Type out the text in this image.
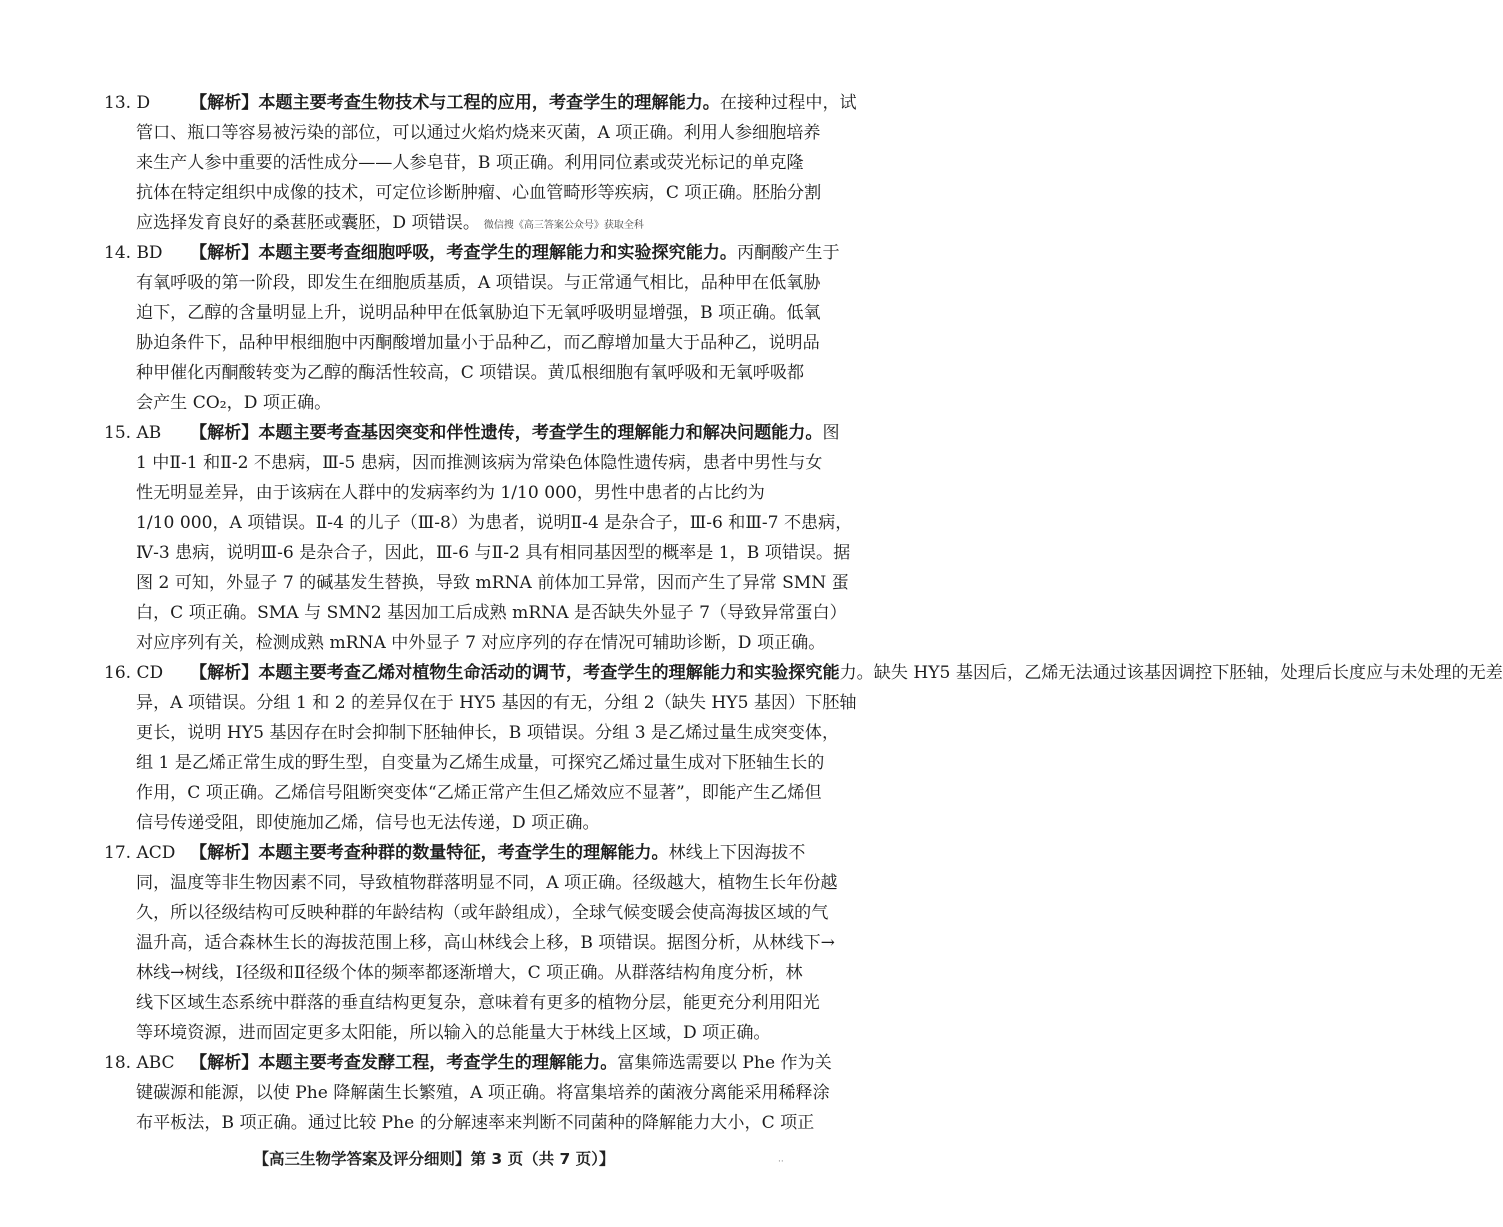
13. D 【解析】本题主要考查生物技术与工程的应用，考查学生的理解能力。在接种过程中，试
管口、瓶口等容易被污染的部位，可以通过火焰灼烧来灭菌，A 项正确。利用人参细胞培养
来生产人参中重要的活性成分——人参皂苷，B 项正确。利用同位素或荧光标记的单克隆
抗体在特定组织中成像的技术，可定位诊断肿瘤、心血管畸形等疾病，C 项正确。胚胎分割
应选择发育良好的桑葚胚或囊胚，D 项错误。 微信搜《高三答案公众号》获取全科
14. BD 【解析】本题主要考查细胞呼吸，考查学生的理解能力和实验探究能力。丙酮酸产生于
有氧呼吸的第一阶段，即发生在细胞质基质，A 项错误。与正常通气相比，品种甲在低氧胁
迫下，乙醇的含量明显上升，说明品种甲在低氧胁迫下无氧呼吸明显增强，B 项正确。低氧
胁迫条件下，品种甲根细胞中丙酮酸增加量小于品种乙，而乙醇增加量大于品种乙，说明品
种甲催化丙酮酸转变为乙醇的酶活性较高，C 项错误。黄瓜根细胞有氧呼吸和无氧呼吸都
会产生 CO₂，D 项正确。
15. AB 【解析】本题主要考查基因突变和伴性遗传，考查学生的理解能力和解决问题能力。图
1 中Ⅱ-1 和Ⅱ-2 不患病，Ⅲ-5 患病，因而推测该病为常染色体隐性遗传病，患者中男性与女
性无明显差异，由于该病在人群中的发病率约为 1/10 000，男性中患者的占比约为
1/10 000，A 项错误。Ⅱ-4 的儿子（Ⅲ-8）为患者，说明Ⅱ-4 是杂合子，Ⅲ-6 和Ⅲ-7 不患病，
Ⅳ-3 患病，说明Ⅲ-6 是杂合子，因此，Ⅲ-6 与Ⅱ-2 具有相同基因型的概率是 1，B 项错误。据
图 2 可知，外显子 7 的碱基发生替换，导致 mRNA 前体加工异常，因而产生了异常 SMN 蛋
白，C 项正确。SMA 与 SMN2 基因加工后成熟 mRNA 是否缺失外显子 7（导致异常蛋白）
对应序列有关，检测成熟 mRNA 中外显子 7 对应序列的存在情况可辅助诊断，D 项正确。
16. CD 【解析】本题主要考查乙烯对植物生命活动的调节，考查学生的理解能力和实验探究能力。缺失 HY5 基因后，乙烯无法通过该基因调控下胚轴，处理后长度应与未处理的无差
异，A 项错误。分组 1 和 2 的差异仅在于 HY5 基因的有无，分组 2（缺失 HY5 基因）下胚轴
更长，说明 HY5 基因存在时会抑制下胚轴伸长，B 项错误。分组 3 是乙烯过量生成突变体，
组 1 是乙烯正常生成的野生型，自变量为乙烯生成量，可探究乙烯过量生成对下胚轴生长的
作用，C 项正确。乙烯信号阻断突变体“乙烯正常产生但乙烯效应不显著”，即能产生乙烯但
信号传递受阻，即使施加乙烯，信号也无法传递，D 项正确。
17. ACD 【解析】本题主要考查种群的数量特征，考查学生的理解能力。林线上下因海拔不
同，温度等非生物因素不同，导致植物群落明显不同，A 项正确。径级越大，植物生长年份越
久，所以径级结构可反映种群的年龄结构（或年龄组成），全球气候变暖会使高海拔区域的气
温升高，适合森林生长的海拔范围上移，高山林线会上移，B 项错误。据图分析，从林线下→
林线→树线，Ⅰ径级和Ⅱ径级个体的频率都逐渐增大，C 项正确。从群落结构角度分析，林
线下区域生态系统中群落的垂直结构更复杂，意味着有更多的植物分层，能更充分利用阳光
等环境资源，进而固定更多太阳能，所以输入的总能量大于林线上区域，D 项正确。
18. ABC 【解析】本题主要考查发酵工程，考查学生的理解能力。富集筛选需要以 Phe 作为关
键碳源和能源，以使 Phe 降解菌生长繁殖，A 项正确。将富集培养的菌液分离能采用稀释涂
布平板法，B 项正确。通过比较 Phe 的分解速率来判断不同菌种的降解能力大小，C 项正
【高三生物学答案及评分细则】第 3 页（共 7 页）】	··
